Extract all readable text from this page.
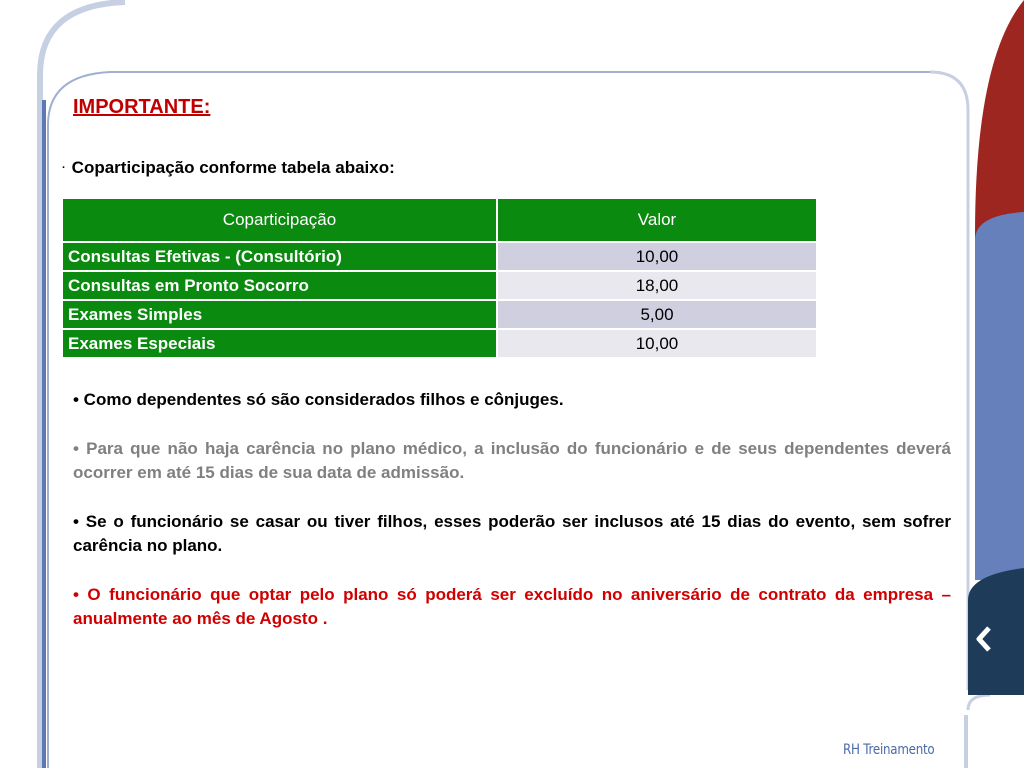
IMPORTANTE:
· Coparticipação conforme tabela abaixo:
Coparticipação	Valor
Consultas Efetivas - (Consultório)	10,00
Consultas em Pronto Socorro	18,00
Exames Simples	5,00
Exames Especiais	10,00

• Como dependentes só são considerados filhos e cônjuges.

• Para que não haja carência no plano médico, a inclusão do funcionário e de seus dependentes deverá ocorrer em até 15 dias de sua data de admissão.

• Se o funcionário se casar ou tiver filhos, esses poderão ser inclusos até 15 dias do evento, sem sofrer carência no plano.

• O funcionário que optar pelo plano só poderá ser excluído no aniversário de contrato da empresa – anualmente ao mês de Agosto .

RH Treinamento
